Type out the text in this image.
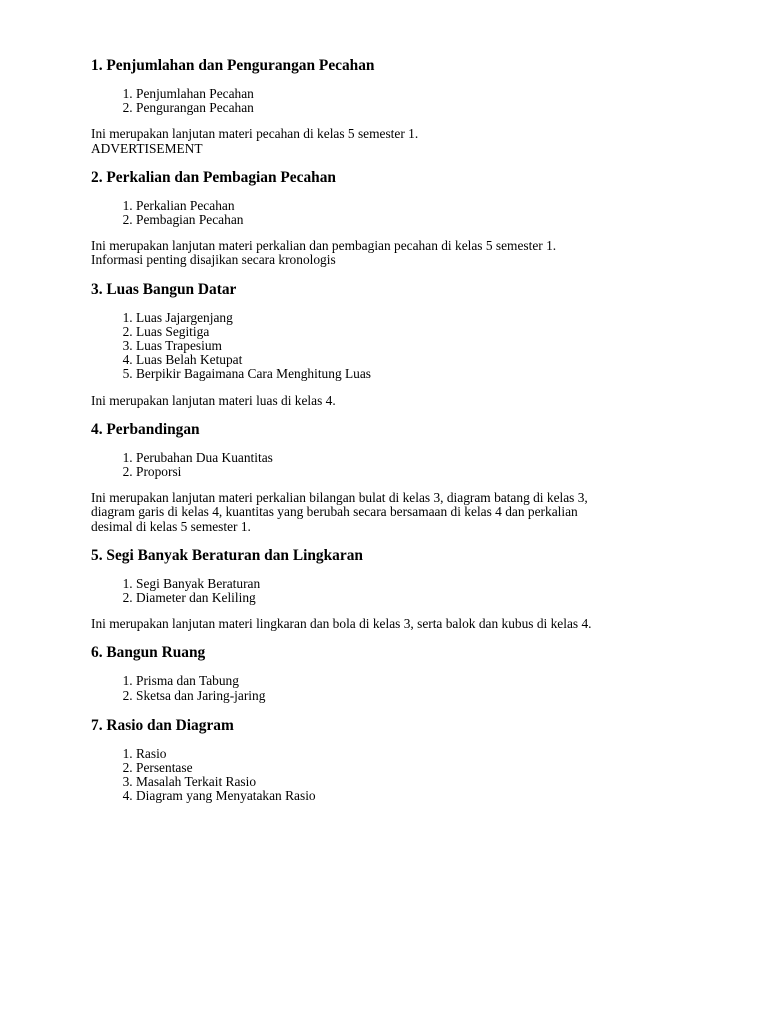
1. Penjumlahan dan Pengurangan Pecahan
1. Penjumlahan Pecahan
2. Pengurangan Pecahan

Ini merupakan lanjutan materi pecahan di kelas 5 semester 1.
ADVERTISEMENT

2. Perkalian dan Pembagian Pecahan
1. Perkalian Pecahan
2. Pembagian Pecahan

Ini merupakan lanjutan materi perkalian dan pembagian pecahan di kelas 5 semester 1.
Informasi penting disajikan secara kronologis

3. Luas Bangun Datar
1. Luas Jajargenjang
2. Luas Segitiga
3. Luas Trapesium
4. Luas Belah Ketupat
5. Berpikir Bagaimana Cara Menghitung Luas

Ini merupakan lanjutan materi luas di kelas 4.

4. Perbandingan
1. Perubahan Dua Kuantitas
2. Proporsi

Ini merupakan lanjutan materi perkalian bilangan bulat di kelas 3, diagram batang di kelas 3,
diagram garis di kelas 4, kuantitas yang berubah secara bersamaan di kelas 4 dan perkalian
desimal di kelas 5 semester 1.

5. Segi Banyak Beraturan dan Lingkaran
1. Segi Banyak Beraturan
2. Diameter dan Keliling

Ini merupakan lanjutan materi lingkaran dan bola di kelas 3, serta balok dan kubus di kelas 4.

6. Bangun Ruang
1. Prisma dan Tabung
2. Sketsa dan Jaring-jaring
7. Rasio dan Diagram
1. Rasio
2. Persentase
3. Masalah Terkait Rasio
4. Diagram yang Menyatakan Rasio
